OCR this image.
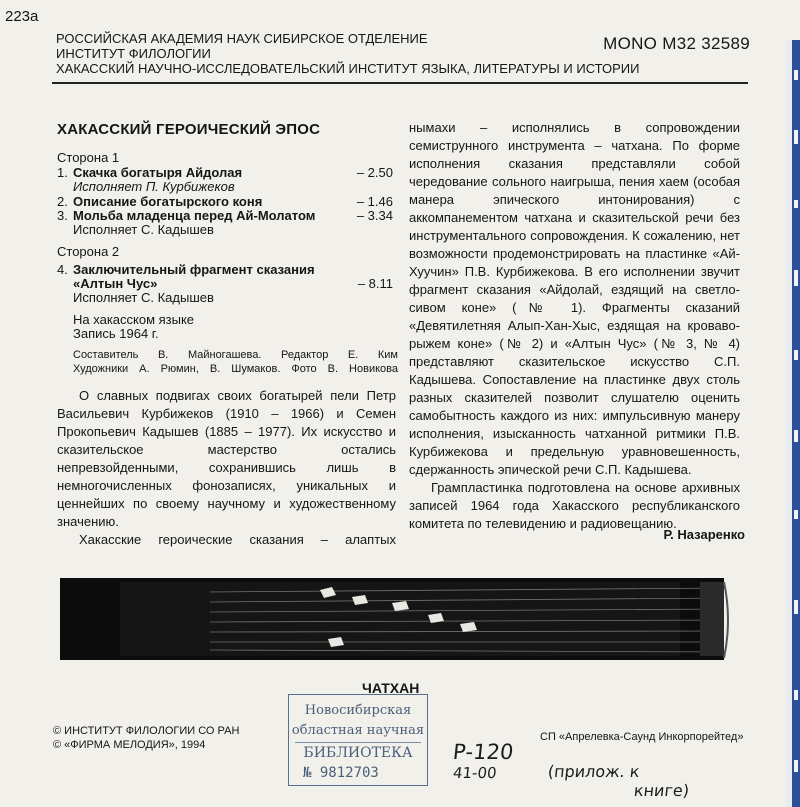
223а
РОССИЙСКАЯ АКАДЕМИЯ НАУК СИБИРСКОЕ ОТДЕЛЕНИЕ
ИНСТИТУТ ФИЛОЛОГИИ
ХАКАССКИЙ НАУЧНО-ИССЛЕДОВАТЕЛЬСКИЙ ИНСТИТУТ ЯЗЫКА, ЛИТЕРАТУРЫ И ИСТОРИИ
MONO M32 32589
ХАКАССКИЙ ГЕРОИЧЕСКИЙ ЭПОС
Сторона 1
1. Скачка богатыря Айдолая	– 2.50
Исполняет П. Курбижеков
2. Описание богатырского коня	– 1.46
3. Мольба младенца перед Ай-Молатом	– 3.34
Исполняет С. Кадышев
Сторона 2
4. Заключительный фрагмент сказания
«Алтын Чус»	– 8.11
Исполняет С. Кадышев
На хакасском языке
Запись 1964 г.
Составитель В. Майногашева. Редактор Е. Ким
Художники А. Рюмин, В. Шумаков. Фото В. Новикова

О славных подвигах своих богатырей пели Петр Васильевич Курбижеков (1910 – 1966) и Семен Прокопьевич Кадышев (1885 – 1977). Их искусство и сказительское мастерство остались непревзойденными, сохранившись лишь в немногочисленных фонозаписях, уникальных и ценнейших по своему научному и художественному значению.

Хакасские героические сказания – алаптых

нымахи – исполнялись в сопровождении семиструнного инструмента – чатхана. По форме исполнения сказания представляли собой чередование сольного наигрыша, пения хаем (особая манера эпического интонирования) с аккомпанементом чатхана и сказительской речи без инструментального сопровождения. К сожалению, нет возможности продемонстрировать на пластинке «Ай-Хуучин» П.В. Курбижекова. В его исполнении звучит фрагмент сказания «Айдолай, ездящий на светло-сивом коне» (№ 1). Фрагменты сказаний «Девятилетняя Алып-Хан-Хыс, ездящая на кроваво-рыжем коне» (№ 2) и «Алтын Чус» (№ 3, № 4) представляют сказительское искусство С.П. Кадышева. Сопоставление на пластинке двух столь разных сказителей позволит слушателю оценить самобытность каждого из них: импульсивную манеру исполнения, изысканность чатханной ритмики П.В. Курбижекова и предельную уравновешенность, сдержанность эпической речи С.П. Кадышева.

Грампластинка подготовлена на основе архивных записей 1964 года Хакасского республиканского комитета по телевидению и радиовещанию.

Р. Назаренко
ЧАТХАН
© ИНСТИТУТ ФИЛОЛОГИИ СО РАН
© «ФИРМА МЕЛОДИЯ», 1994
СП «Апрелевка-Саунд Инкорпорейтед»
Новосибирская
областная научная
БИБЛИОТЕКА
№ 9812703
Р-120
41-00	(прилож. к
книге)
